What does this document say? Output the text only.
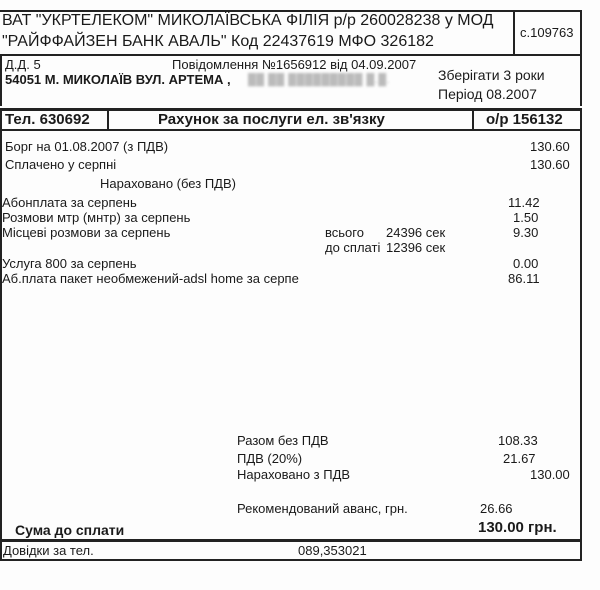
ВАТ "УКРТЕЛЕКОМ" МИКОЛАЇВСЬКА ФІЛІЯ р/р 260028238 у МОД
"РАЙФФАЙЗЕН БАНК АВАЛЬ" Код 22437619 МФО 326182
с.109763
Д.Д. 5	Повідомлення №1656912 від 04.09.2007
54051 М. МИКОЛАЇВ ВУЛ. АРТЕМА , ██ ██ █████████ █.█.	Зберігати 3 роки
Період 08.2007
Тел. 630692	Рахунок за послуги ел. зв'язку	о/р 156132
Борг на 01.08.2007 (з ПДВ)	130.60
Сплачено у серпні	130.60
Нараховано (без ПДВ)
Абонплата за серпень	11.42
Розмови мтр (мнтр) за серпень	1.50
Місцеві розмови за серпень	всього 24396 сек	9.30
до сплаті 12396 сек
Услуга 800 за серпень	0.00
Аб.плата пакет необмежений-adsl home за серпе	86.11
Разом без ПДВ	108.33
ПДВ (20%)	21.67
Нараховано з ПДВ	130.00
Рекомендований аванс, грн.	26.66
Сума до сплати	130.00 грн.
Довідки за тел.	089,353021
